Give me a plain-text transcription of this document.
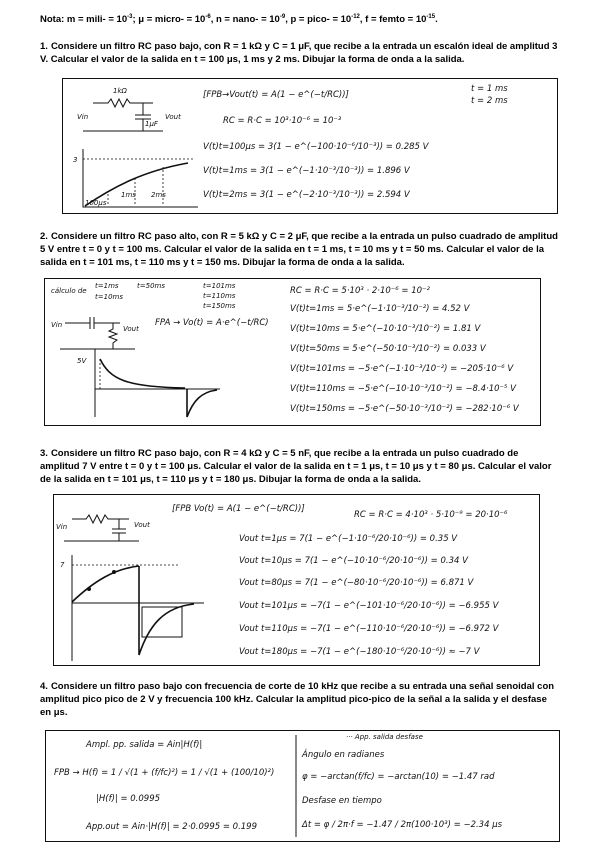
Nota: m = mili- = $10^{-3}$; μ = micro- = $10^{-6}$, n = nano- = $10^{-9}$, p = pico- = $10^{-12}$, f = femto = $10^{-15}$.
1. Considere un filtro RC paso bajo, con R = 1 kΩ y C = 1 μF, que recibe a la entrada un escalón ideal de amplitud 3 V. Calcular el valor de la salida en t = 100 μs, 1 ms y 2 ms. Dibujar la forma de onda a la salida.
1kΩ
Vin
1μF
Vout
3
100μs
1ms 2ms
[FPB→Vout(t) = A(1 − e^(−t/RC))]
t = 1 ms
t = 2 ms
RC = R·C = 10³·10⁻⁶ = 10⁻³
V(t)t=100μs = 3(1 − e^(−100·10⁻⁶/10⁻³)) = 0.285 V
V(t)t=1ms = 3(1 − e^(−1·10⁻³/10⁻³)) = 1.896 V
V(t)t=2ms = 3(1 − e^(−2·10⁻³/10⁻³)) = 2.594 V
2. Considere un filtro RC paso alto, con R = 5 kΩ y C = 2 μF, que recibe a la entrada un pulso cuadrado de amplitud 5 V entre t = 0 y t = 100 ms. Calcular el valor de la salida en t = 1 ms, t = 10 ms y t = 50 ms. Calcular el valor de la salida en t = 101 ms, t = 110 ms y t = 150 ms. Dibujar la forma de onda a la salida.
cálculo de
t=1ms
t=10ms
t=50ms	t=101ms
t=110ms
t=150ms
Vin	Vout
FPA → Vo(t) = A·e^(−t/RC)
5V
RC = R·C = 5·10³ · 2·10⁻⁶ = 10⁻²
V(t)t=1ms = 5·e^(−1·10⁻³/10⁻²) = 4.52 V
V(t)t=10ms = 5·e^(−10·10⁻³/10⁻²) = 1.81 V
V(t)t=50ms = 5·e^(−50·10⁻³/10⁻²) = 0.033 V
V(t)t=101ms = −5·e^(−1·10⁻³/10⁻²) = −205·10⁻⁶ V
V(t)t=110ms = −5·e^(−10·10⁻³/10⁻²) = −8.4·10⁻⁵ V
V(t)t=150ms = −5·e^(−50·10⁻³/10⁻²) = −282·10⁻⁶ V
3. Considere un filtro RC paso bajo, con R = 4 kΩ y C = 5 nF, que recibe a la entrada un pulso cuadrado de amplitud 7 V entre t = 0 y t = 100 μs. Calcular el valor de la salida en t = 1 μs, t = 10 μs y t = 80 μs. Calcular el valor de la salida en t = 101 μs, t = 110 μs y t = 180 μs. Dibujar la forma de onda a la salida.
Vin	Vout
7
[FPB Vo(t) = A(1 − e^(−t/RC))]
RC = R·C = 4·10³ · 5·10⁻⁹ = 20·10⁻⁶
Vout t=1μs = 7(1 − e^(−1·10⁻⁶/20·10⁻⁶)) = 0.35 V
Vout t=10μs = 7(1 − e^(−10·10⁻⁶/20·10⁻⁶)) = 0.34 V
Vout t=80μs = 7(1 − e^(−80·10⁻⁶/20·10⁻⁶)) = 6.871 V
Vout t=101μs = −7(1 − e^(−101·10⁻⁶/20·10⁻⁶)) = −6.955 V
Vout t=110μs = −7(1 − e^(−110·10⁻⁶/20·10⁻⁶)) = −6.972 V
Vout t=180μs = −7(1 − e^(−180·10⁻⁶/20·10⁻⁶)) ≈ −7 V
4. Considere un filtro paso bajo con frecuencia de corte de 10 kHz que recibe a su entrada una señal senoidal con amplitud pico pico de 2 V y frecuencia 100 kHz. Calcular la amplitud pico-pico de la señal a la salida y el desfase en μs.
Ampl. pp. salida = Ain|H(f)|
FPB → H(f) = 1 / √(1 + (f/fc)²) = 1 / √(1 + (100/10)²)
|H(f)| = 0.0995
App.out = Ain·|H(f)| = 2·0.0995 = 0.199
··· App. salida desfase
Ángulo en radianes
φ = −arctan(f/fc) = −arctan(10) = −1.47 rad
Desfase en tiempo
Δt = φ / 2π·f = −1.47 / 2π(100·10³) = −2.34 μs
